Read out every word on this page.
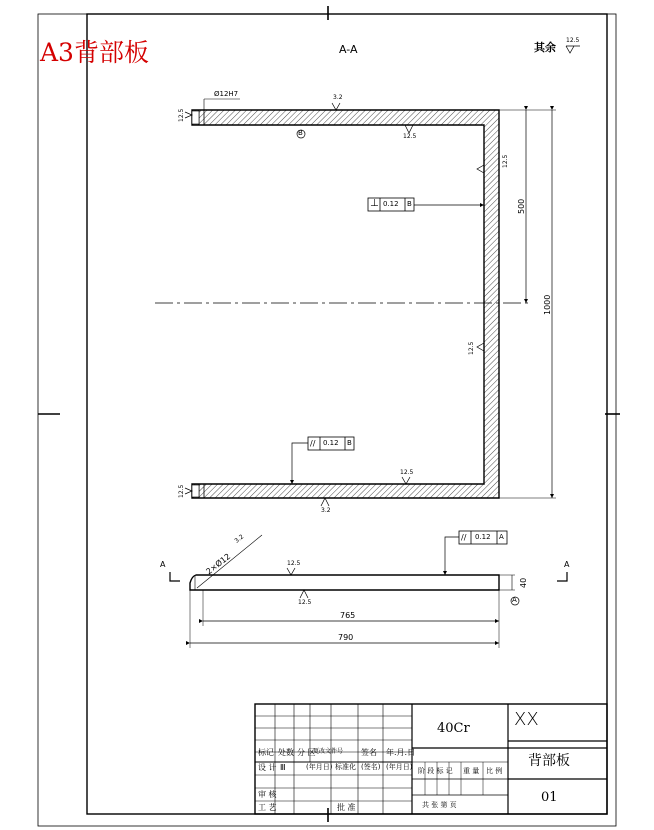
A3背部板	A-A	其余
12.5
Ø12H7	3.2
12.5
B
12.5
12.5
12.5
12.5
12.5
3.2
⊥ 0.12 B
// 0.12 B
500
1000
A	A
2×Ø12
3.2
12.5
12.5
// 0.12 A
A
40
765
790
40Cr XX
背部板
01
标记 处数 分 区
更改文件号 签名 年.月.日
设 计 Ⅲ	(年月日) 标准化 (签名) (年月日)
审 核
工 艺	批 准
阶 段 标 记 重 量 比 例
共 张 第 页
